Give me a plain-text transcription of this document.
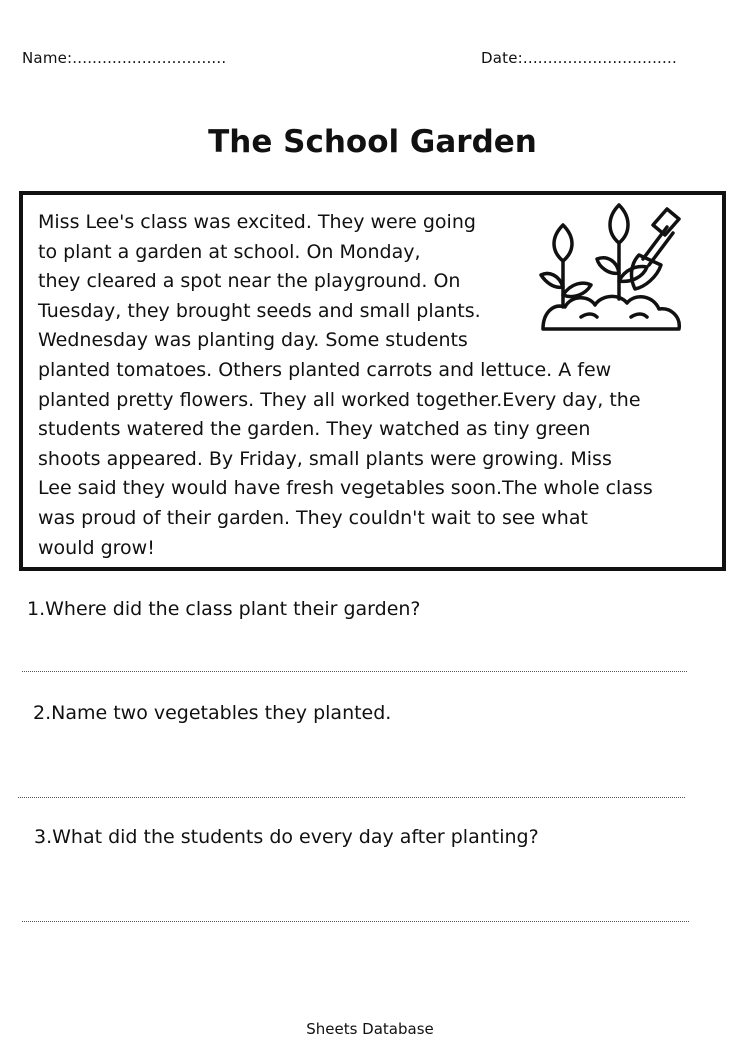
Name:...............................	Date:...............................
The School Garden
Miss Lee's class was excited. They were going
to plant a garden at school. On Monday,
they cleared a spot near the playground. On
Tuesday, they brought seeds and small plants.
Wednesday was planting day. Some students
planted tomatoes. Others planted carrots and lettuce. A few
planted pretty flowers. They all worked together.Every day, the
students watered the garden. They watched as tiny green
shoots appeared. By Friday, small plants were growing. Miss
Lee said they would have fresh vegetables soon.The whole class
was proud of their garden. They couldn't wait to see what
would grow!

1.Where did the class plant their garden?

2.Name two vegetables they planted.

3.What did the students do every day after planting?

Sheets Database
